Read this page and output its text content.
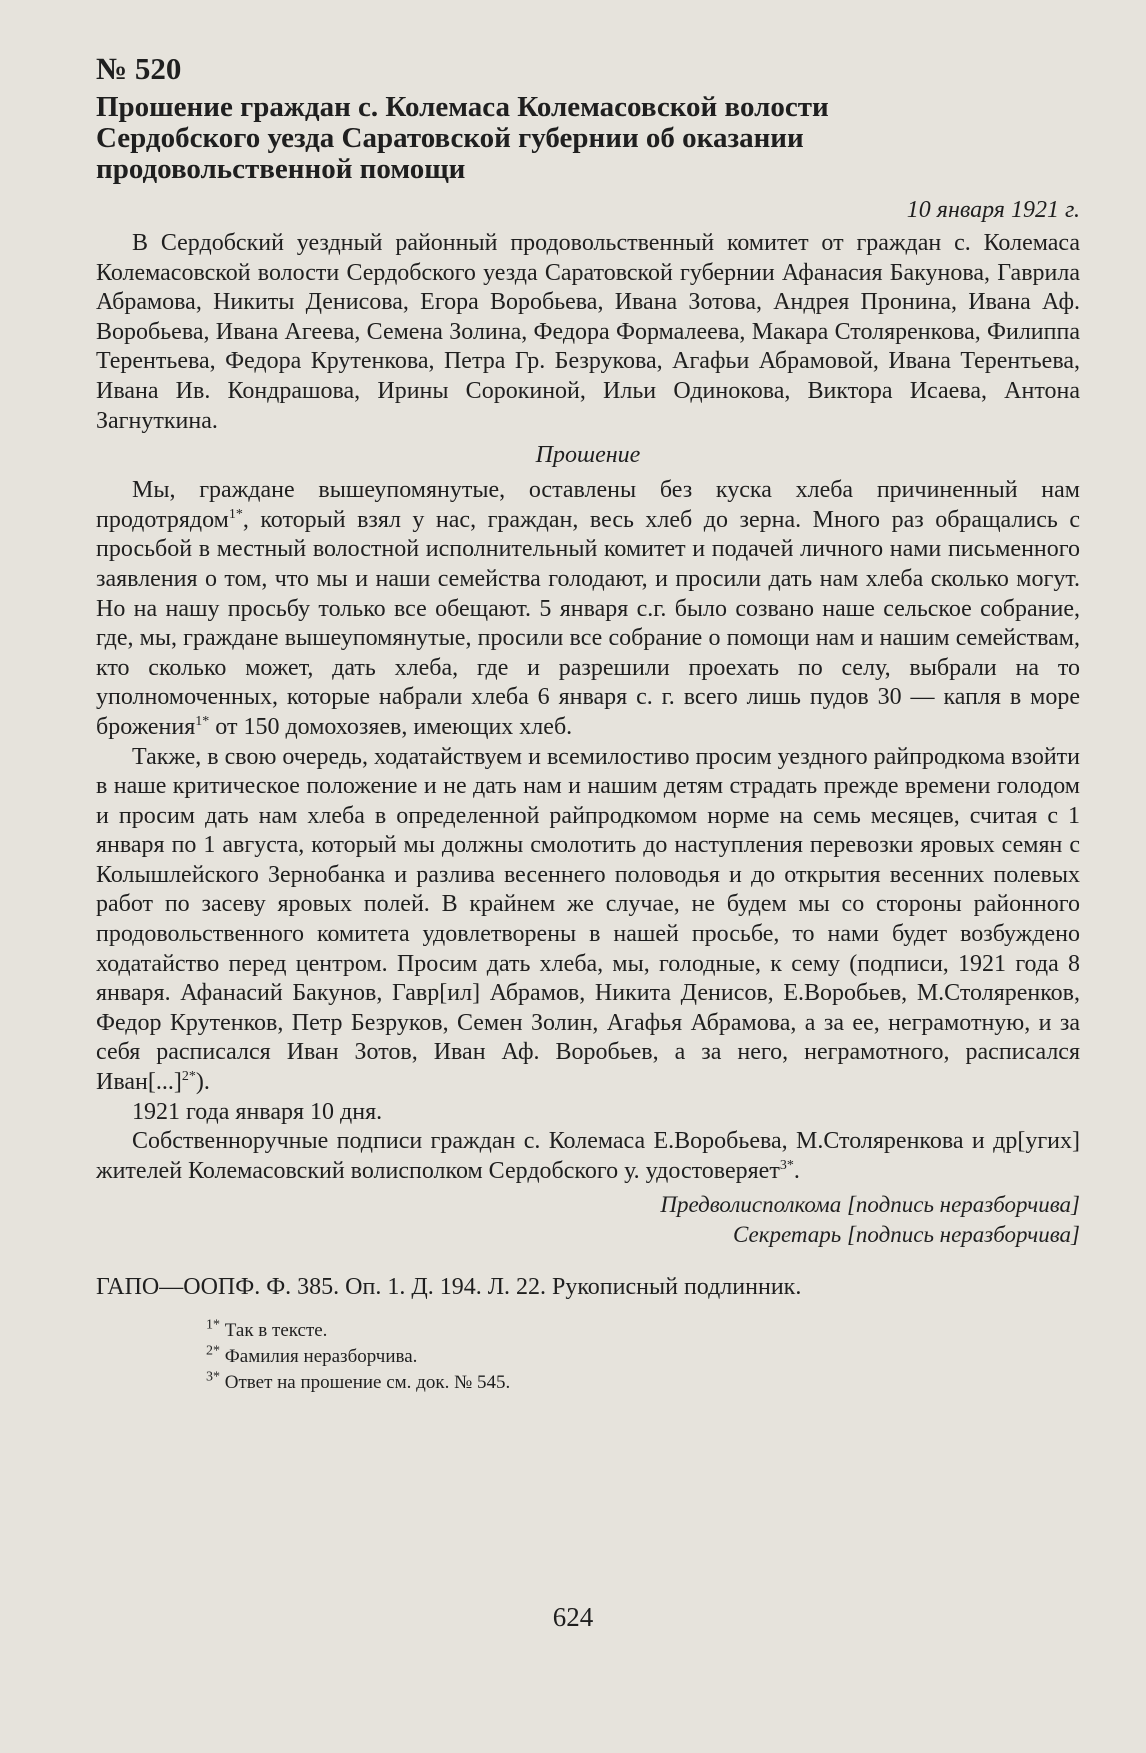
№ 520
Прошение граждан с. Колемаса Колемасовской волости Сердобского уезда Саратовской губернии об оказании продовольственной помощи
10 января 1921 г.

В Сердобский уездный районный продовольственный комитет от граждан с. Колемаса Колемасовской волости Сердобского уезда Саратовской губернии Афанасия Бакунова, Гаврила Абрамова, Никиты Денисова, Егора Воробьева, Ивана Зотова, Андрея Пронина, Ивана Аф. Воробьева, Ивана Агеева, Семена Золина, Федора Формалеева, Макара Столяренкова, Филиппа Терентьева, Федора Крутенкова, Петра Гр. Безрукова, Агафьи Абрамовой, Ивана Терентьева, Ивана Ив. Кондрашова, Ирины Сорокиной, Ильи Одинокова, Виктора Исаева, Антона Загнуткина.

Прошение

Мы, граждане вышеупомянутые, оставлены без куска хлеба причиненный нам продотрядом$^{1*}$, который взял у нас, граждан, весь хлеб до зерна. Много раз обращались с просьбой в местный волостной исполнительный комитет и подачей личного нами письменного заявления о том, что мы и наши семейства голодают, и просили дать нам хлеба сколько могут. Но на нашу просьбу только все обещают. 5 января с.г. было созвано наше сельское собрание, где, мы, граждане вышеупомянутые, просили все собрание о помощи нам и нашим семействам, кто сколько может, дать хлеба, где и разрешили проехать по селу, выбрали на то уполномоченных, которые набрали хлеба 6 января с. г. всего лишь пудов 30 — капля в море брожения$^{1*}$ от 150 домохозяев, имеющих хлеб.

Также, в свою очередь, ходатайствуем и всемилостиво просим уездного райпродкома взойти в наше критическое положение и не дать нам и нашим детям страдать прежде времени голодом и просим дать нам хлеба в определенной райпродкомом норме на семь месяцев, считая с 1 января по 1 августа, который мы должны смолотить до наступления перевозки яровых семян с Колышлейского Зернобанка и разлива весеннего половодья и до открытия весенних полевых работ по засеву яровых полей. В крайнем же случае, не будем мы со стороны районного продовольственного комитета удовлетворены в нашей просьбе, то нами будет возбуждено ходатайство перед центром. Просим дать хлеба, мы, голодные, к сему (подписи, 1921 года 8 января. Афанасий Бакунов, Гавр[ил] Абрамов, Никита Денисов, Е.Воробьев, М.Столяренков, Федор Крутенков, Петр Безруков, Семен Золин, Агафья Абрамова, а за ее, неграмотную, и за себя расписался Иван Зотов, Иван Аф. Воробьев, а за него, неграмотного, расписался Иван[...]$^{2*}$).

1921 года января 10 дня.

Собственноручные подписи граждан с. Колемаса Е.Воробьева, М.Столяренкова и др[угих] жителей Колемасовский волисполком Сердобского у. удостоверяет$^{3*}$.

Предволисполкома [подпись неразборчива]
Секретарь [подпись неразборчива]
ГАПО—ООПФ. Ф. 385. Оп. 1. Д. 194. Л. 22. Рукописный подлинник.
$^{1*}$ Так в тексте.
$^{2*}$ Фамилия неразборчива.
$^{3*}$ Ответ на прошение см. док. № 545.
624
